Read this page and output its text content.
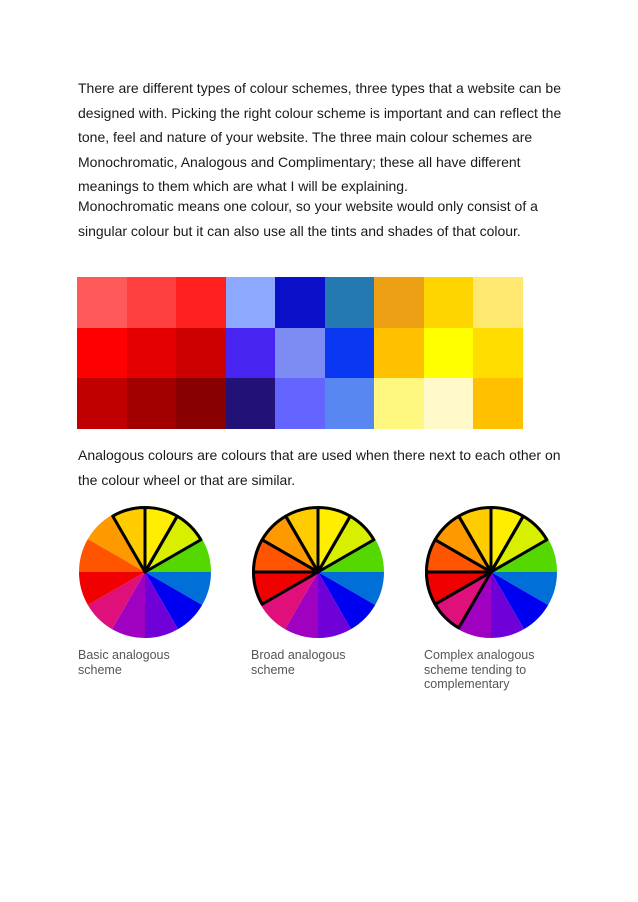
There are different types of colour schemes, three types that a website can be designed with. Picking the right colour scheme is important and can reflect the tone, feel and nature of your website. The three main colour schemes are Monochromatic, Analogous and Complimentary; these all have different meanings to them which are what I will be explaining.

Monochromatic means one colour, so your website would only consist of a singular colour but it can also use all the tints and shades of that colour.

Analogous colours are colours that are used when there next to each other on the colour wheel or that are similar.

Basic analogous
scheme
Broad analogous
scheme
Complex analogous
scheme tending to
complementary
